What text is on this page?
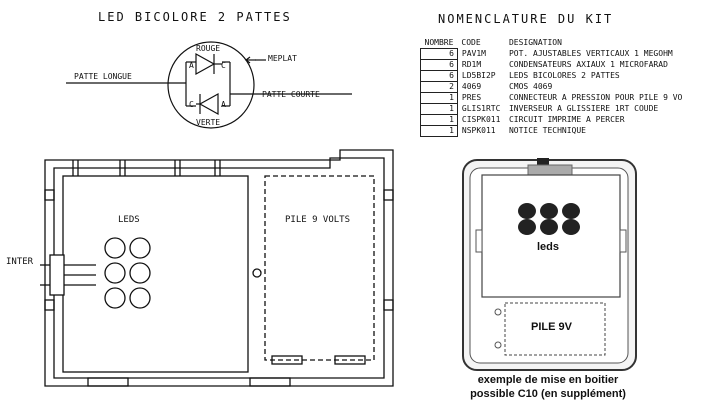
LED BICOLORE 2 PATTES
ROUGE
VERTE
MEPLAT
PATTE LONGUE
PATTE COURTE
A	C
C	A
NOMENCLATURE DU KIT
NOMBRE	CODE	DESIGNATION
6	PAV1M	POT. AJUSTABLES VERTICAUX 1 MEGOHM
6	RD1M	CONDENSATEURS AXIAUX 1 MICROFARAD
6	LD5BI2P	LEDS BICOLORES 2 PATTES
2	4069	CMOS 4069
1	PRES	CONNECTEUR A PRESSION POUR PILE 9 VO
1	GLIS1RTC	INVERSEUR A GLISSIERE 1RT COUDE
1	CISPK011	CIRCUIT IMPRIME A PERCER
1	NSPK011	NOTICE TECHNIQUE
LEDS	PILE 9 VOLTS
INTER
leds
PILE 9V
exemple de mise en boitier
possible C10 (en supplément)
